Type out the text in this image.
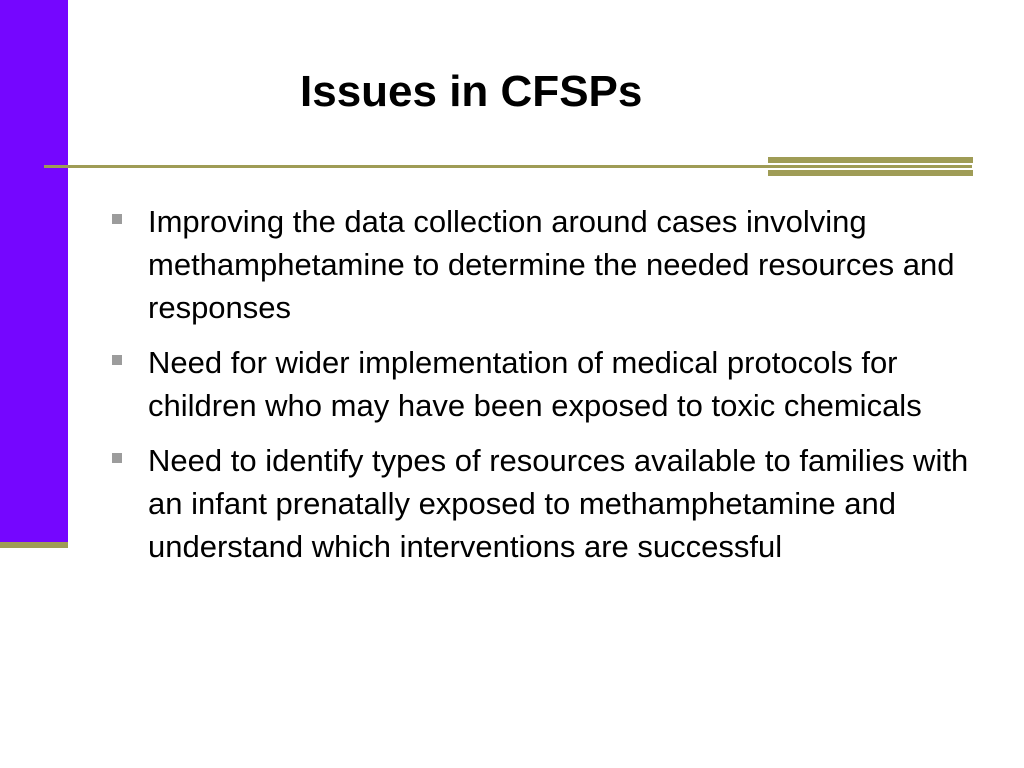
Issues in CFSPs
Improving the data collection around cases involving methamphetamine to determine the needed resources and responses
Need for wider implementation of medical protocols for children who may have been exposed to toxic chemicals
Need to identify types of resources available to families with an infant prenatally exposed to methamphetamine and understand which interventions are successful
